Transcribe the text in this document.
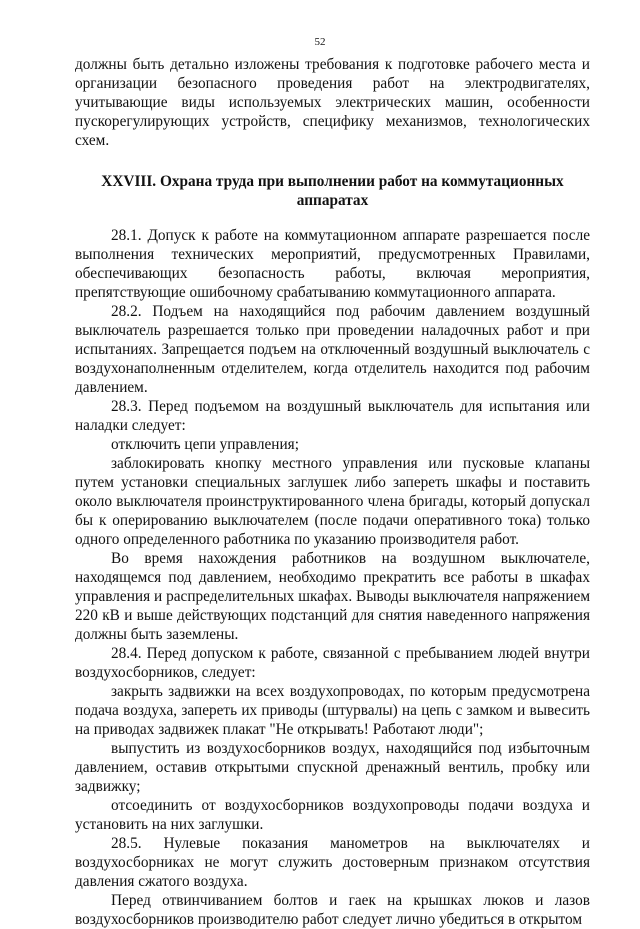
52

должны быть детально изложены требования к подготовке рабочего места и организации безопасного проведения работ на электродвигателях, учитывающие виды используемых электрических машин, особенности пускорегулирующих устройств, специфику механизмов, технологических схем.

XXVIII. Охрана труда при выполнении работ на коммутационных аппаратах

28.1. Допуск к работе на коммутационном аппарате разрешается после выполнения технических мероприятий, предусмотренных Правилами, обеспечивающих безопасность работы, включая мероприятия, препятствующие ошибочному срабатыванию коммутационного аппарата.

28.2. Подъем на находящийся под рабочим давлением воздушный выключатель разрешается только при проведении наладочных работ и при испытаниях. Запрещается подъем на отключенный воздушный выключатель с воздухонаполненным отделителем, когда отделитель находится под рабочим давлением.

28.3. Перед подъемом на воздушный выключатель для испытания или наладки следует:

отключить цепи управления;

заблокировать кнопку местного управления или пусковые клапаны путем установки специальных заглушек либо запереть шкафы и поставить около выключателя проинструктированного члена бригады, который допускал бы к оперированию выключателем (после подачи оперативного тока) только одного определенного работника по указанию производителя работ.

Во время нахождения работников на воздушном выключателе, находящемся под давлением, необходимо прекратить все работы в шкафах управления и распределительных шкафах. Выводы выключателя напряжением 220 кВ и выше действующих подстанций для снятия наведенного напряжения должны быть заземлены.

28.4. Перед допуском к работе, связанной с пребыванием людей внутри воздухосборников, следует:

закрыть задвижки на всех воздухопроводах, по которым предусмотрена подача воздуха, запереть их приводы (штурвалы) на цепь с замком и вывесить на приводах задвижек плакат "Не открывать! Работают люди";

выпустить из воздухосборников воздух, находящийся под избыточным давлением, оставив открытыми спускной дренажный вентиль, пробку или задвижку;

отсоединить от воздухосборников воздухопроводы подачи воздуха и установить на них заглушки.

28.5. Нулевые показания манометров на выключателях и воздухосборниках не могут служить достоверным признаком отсутствия давления сжатого воздуха.

Перед отвинчиванием болтов и гаек на крышках люков и лазов воздухосборников производителю работ следует лично убедиться в открытом
